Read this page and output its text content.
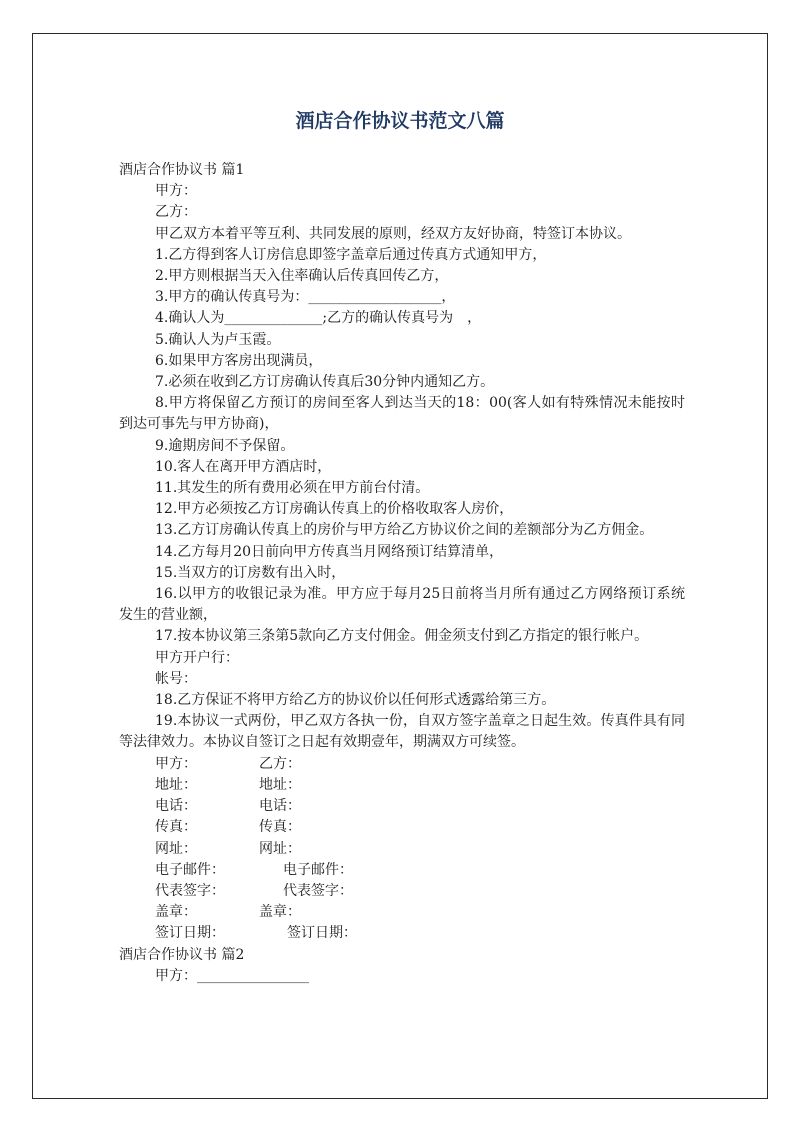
酒店合作协议书范文八篇

酒店合作协议书 篇1

甲方：

乙方：

甲乙双方本着平等互利、共同发展的原则，经双方友好协商，特签订本协议。

1.乙方得到客人订房信息即签字盖章后通过传真方式通知甲方，

2.甲方则根据当天入住率确认后传真回传乙方，

3.甲方的确认传真号为：___________________，

4.确认人为______________;乙方的确认传真号为　，

5.确认人为卢玉霞。

6.如果甲方客房出现满员，

7.必须在收到乙方订房确认传真后30分钟内通知乙方。

8.甲方将保留乙方预订的房间至客人到达当天的18：00(客人如有特殊情况未能按时到达可事先与甲方协商)，

9.逾期房间不予保留。

10.客人在离开甲方酒店时，

11.其发生的所有费用必须在甲方前台付清。

12.甲方必须按乙方订房确认传真上的价格收取客人房价，

13.乙方订房确认传真上的房价与甲方给乙方协议价之间的差额部分为乙方佣金。

14.乙方每月20日前向甲方传真当月网络预订结算清单，

15.当双方的订房数有出入时，

16.以甲方的收银记录为准。甲方应于每月25日前将当月所有通过乙方网络预订系统发生的营业额，

17.按本协议第三条第5款向乙方支付佣金。佣金须支付到乙方指定的银行帐户。

甲方开户行：

帐号：

18.乙方保证不将甲方给乙方的协议价以任何形式透露给第三方。

19.本协议一式两份，甲乙双方各执一份，自双方签字盖章之日起生效。传真件具有同等法律效力。本协议自签订之日起有效期壹年，期满双方可续签。

甲方：	乙方：
地址：	地址：
电话：	电话：
传真：	传真：
网址：	网址：
电子邮件：	电子邮件：
代表签字：	代表签字：
盖章：	盖章：
签订日期：	签订日期：

酒店合作协议书 篇2

甲方：________________
